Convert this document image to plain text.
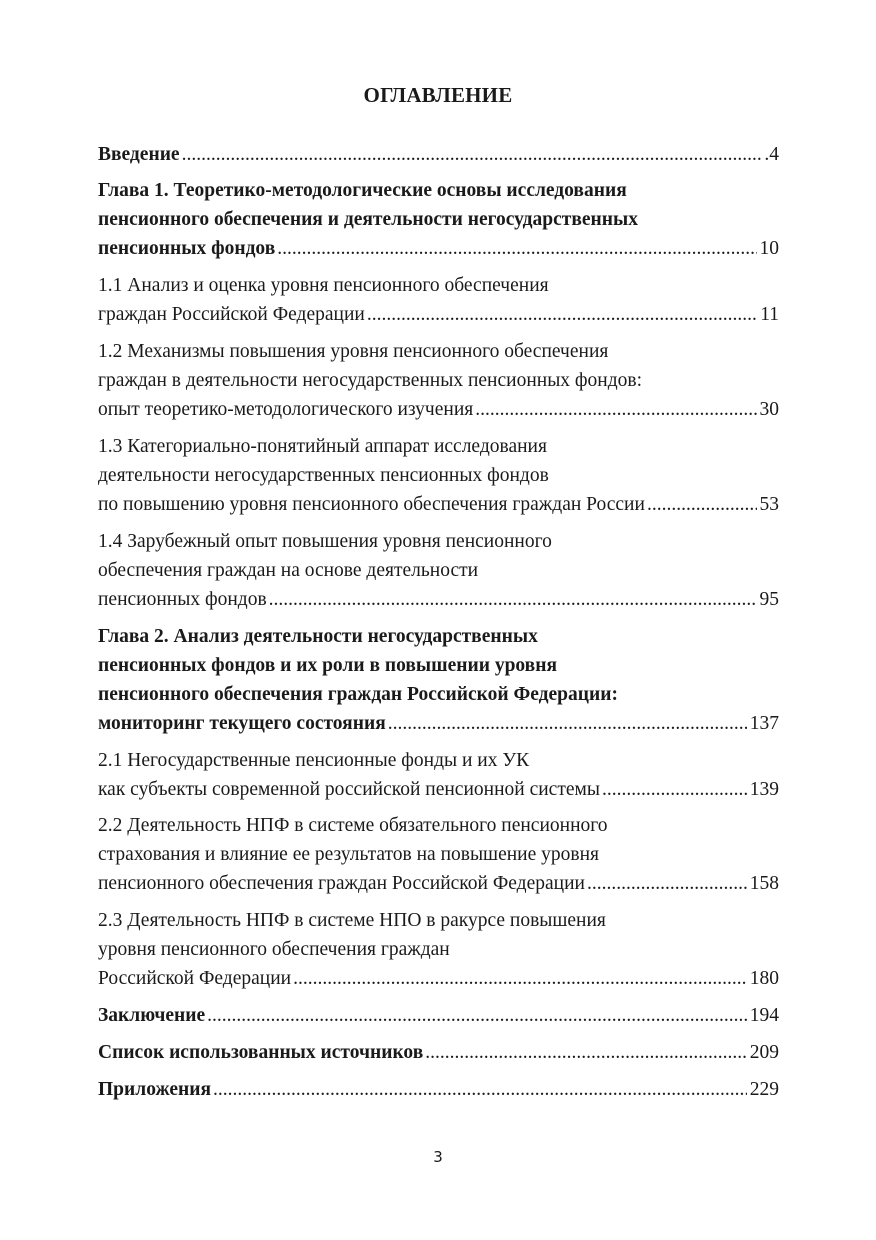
ОГЛАВЛЕНИЕ
Введение .....	.4
Глава 1. Теоретико-методологические основы исследования
пенсионного обеспечения и деятельности негосударственных
пенсионных фондов .....	10
1.1 Анализ и оценка уровня пенсионного обеспечения
граждан Российской Федерации .....	11
1.2 Механизмы повышения уровня пенсионного обеспечения
граждан в деятельности негосударственных пенсионных фондов:
опыт теоретико-методологического изучения .....	30
1.3 Категориально-понятийный аппарат исследования
деятельности негосударственных пенсионных фондов
по повышению уровня пенсионного обеспечения граждан России .....	53
1.4 Зарубежный опыт повышения уровня пенсионного
обеспечения граждан на основе деятельности
пенсионных фондов .....	95
Глава 2. Анализ деятельности негосударственных
пенсионных фондов и их роли в повышении уровня
пенсионного обеспечения граждан Российской Федерации:
мониторинг текущего состояния .....	137
2.1 Негосударственные пенсионные фонды и их УК
как субъекты современной российской пенсионной системы .....	139
2.2 Деятельность НПФ в системе обязательного пенсионного
страхования и влияние ее результатов на повышение уровня
пенсионного обеспечения граждан Российской Федерации .....	158
2.3 Деятельность НПФ в системе НПО в ракурсе повышения
уровня пенсионного обеспечения граждан
Российской Федерации .....	180
Заключение .....	194
Список использованных источников .....	209
Приложения .....	229
3
